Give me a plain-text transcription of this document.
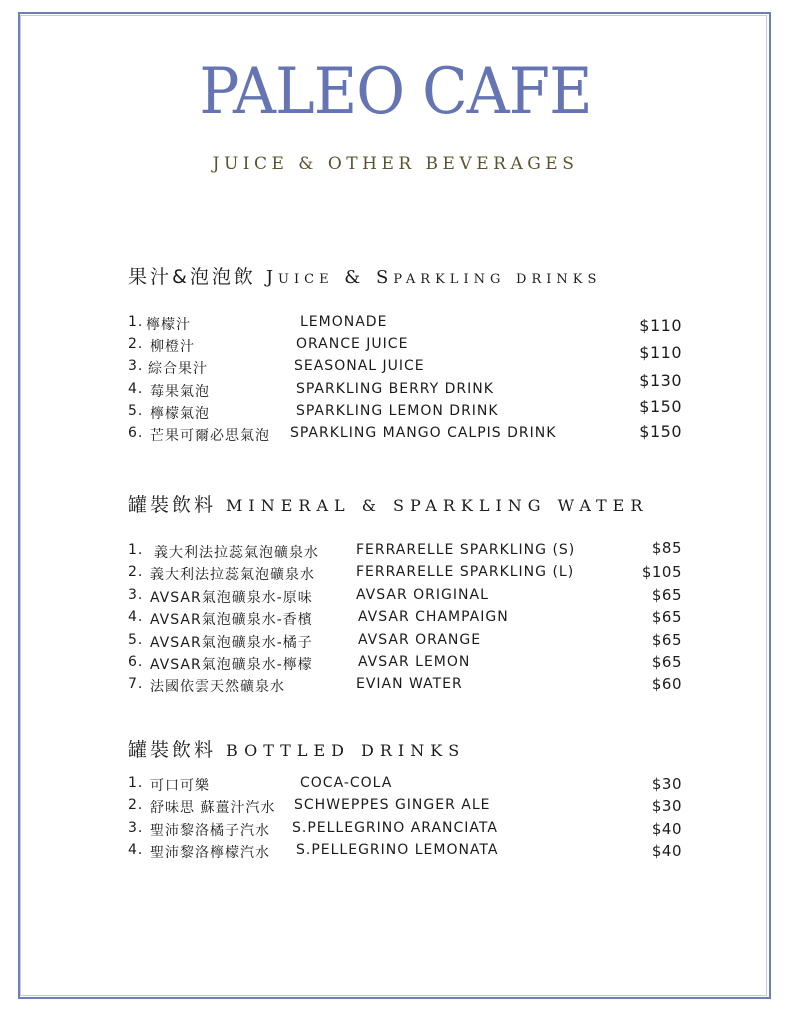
PALEO CAFE
JUICE & OTHER BEVERAGES
果汁&泡泡飲 Juice & Sparkling drinks
1. 檸檬汁	LEMONADE	$110
2. 柳橙汁	ORANCE JUICE	$110
3. 綜合果汁	SEASONAL JUICE
4. 莓果氣泡	SPARKLING BERRY DRINK	$130
5. 檸檬氣泡	SPARKLING LEMON DRINK	$150
6. 芒果可爾必思氣泡 SPARKLING MANGO CALPIS DRINK	$150
罐裝飲料 MINERAL & SPARKLING WATER
1. 義大利法拉蕊氣泡礦泉水	FERRARELLE SPARKLING (S)	$85
2. 義大利法拉蕊氣泡礦泉水	FERRARELLE SPARKLING (L)	$105
3. AVSAR氣泡礦泉水-原味	AVSAR ORIGINAL	$65
4. AVSAR氣泡礦泉水-香檳	AVSAR CHAMPAIGN	$65
5. AVSAR氣泡礦泉水-橘子	AVSAR ORANGE	$65
6. AVSAR氣泡礦泉水-檸檬	AVSAR LEMON	$65
7. 法國依雲天然礦泉水	EVIAN WATER	$60
罐裝飲料 BOTTLED DRINKS
1. 可口可樂	COCA-COLA	$30
2. 舒味思 蘇薑汁汽水 SCHWEPPES GINGER ALE	$30
3. 聖沛黎洛橘子汽水 S.PELLEGRINO ARANCIATA	$40
4. 聖沛黎洛檸檬汽水 S.PELLEGRINO LEMONATA	$40
